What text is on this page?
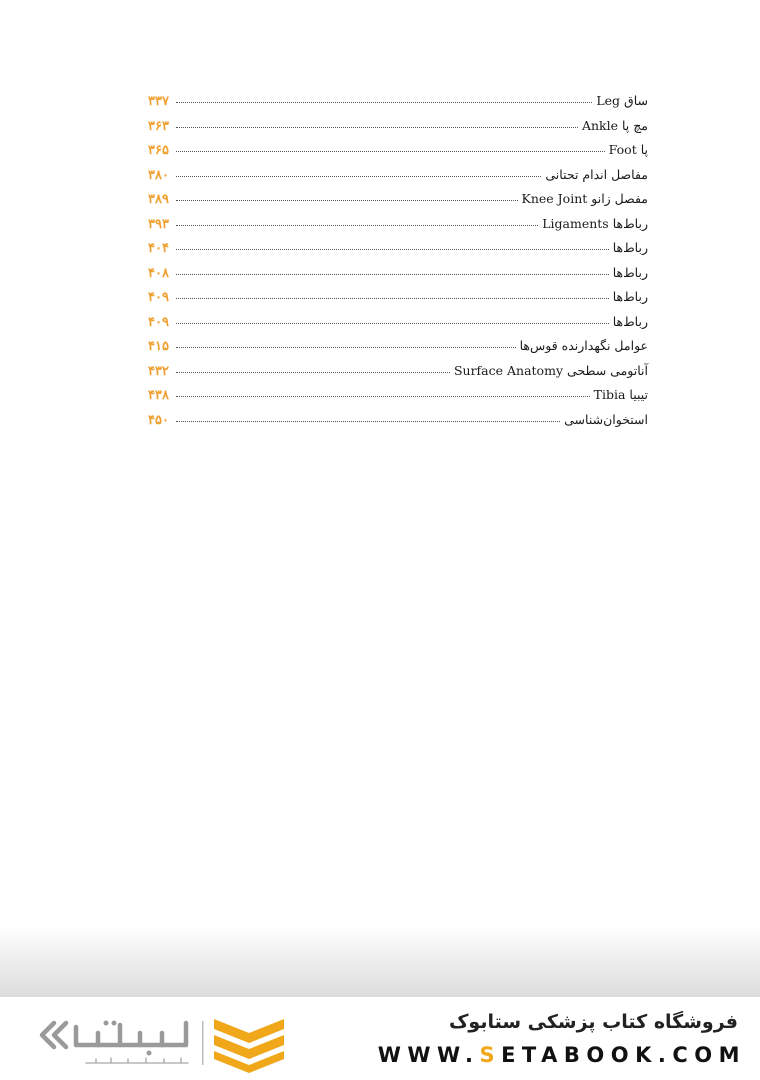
ساق Leg
۳۳۷
مچ پا Ankle
۳۶۳
پا Foot
۳۶۵
مفاصل اندام تحتانی
۳۸۰
مفصل زانو Knee Joint
۳۸۹
رباط‌ها Ligaments
۳۹۳
رباط‌ها
۴۰۴
رباط‌ها
۴۰۸
رباط‌ها
۴۰۹
رباط‌ها
۴۰۹
عوامل نگهدارنده قوس‌ها
۴۱۵
آناتومی سطحی Surface Anatomy
۴۳۲
تیبیا Tibia
۴۳۸
استخوان‌شناسی
۴۵۰
فروشگاه کتاب پزشکی ستابوک
WWW.SETABOOK.COM
